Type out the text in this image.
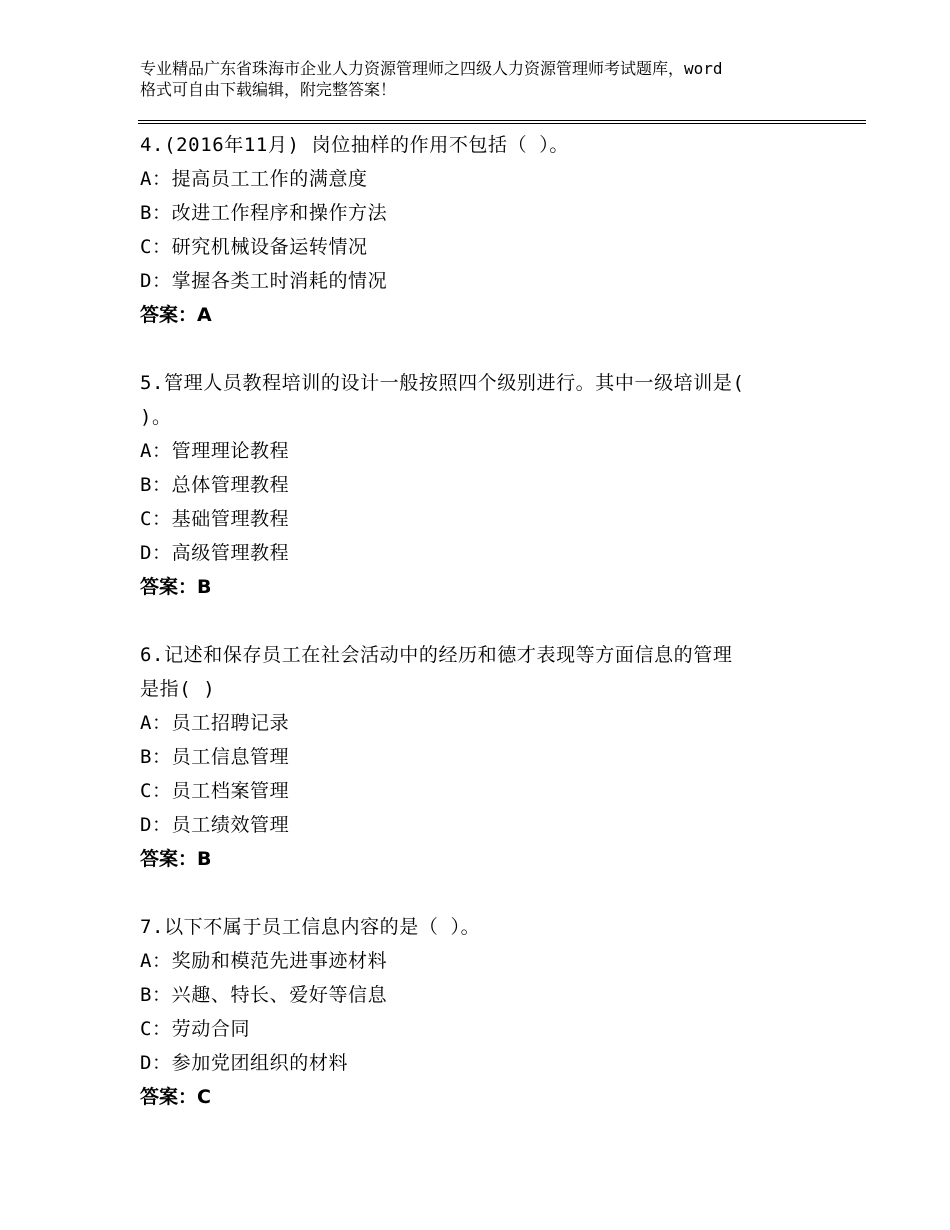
专业精品广东省珠海市企业人力资源管理师之四级人力资源管理师考试题库，word
格式可自由下载编辑，附完整答案！

4.(2016年11月) 岗位抽样的作用不包括（ ）。

A：提高员工工作的满意度

B：改进工作程序和操作方法

C：研究机械设备运转情况

D：掌握各类工时消耗的情况

答案：A

5.管理人员教程培训的设计一般按照四个级别进行。其中一级培训是(

)。

A：管理理论教程

B：总体管理教程

C：基础管理教程

D：高级管理教程

答案：B

6.记述和保存员工在社会活动中的经历和德才表现等方面信息的管理

是指( )

A：员工招聘记录

B：员工信息管理

C：员工档案管理

D：员工绩效管理

答案：B

7.以下不属于员工信息内容的是（ ）。

A：奖励和模范先进事迹材料

B：兴趣、特长、爱好等信息

C：劳动合同

D：参加党团组织的材料

答案：C
